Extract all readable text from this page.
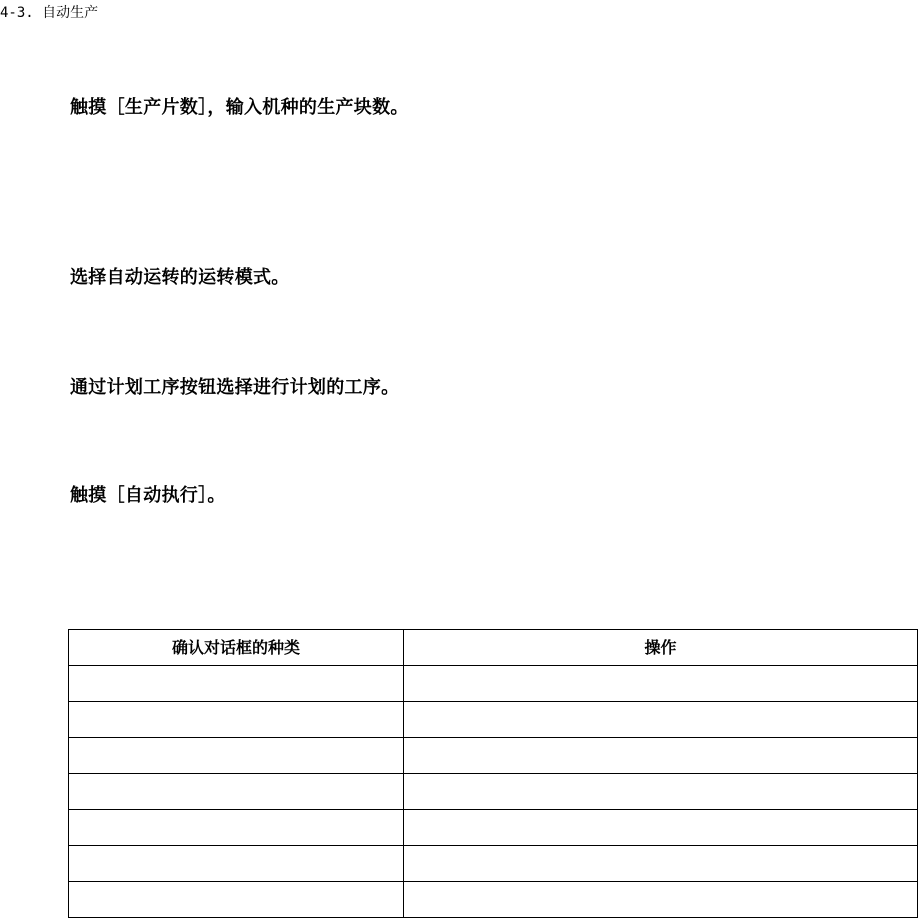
4-3. 自动生产
触摸［生产片数］，输入机种的生产块数。
选择自动运转的运转模式。
通过计划工序按钮选择进行计划的工序。
触摸［自动执行］。
确认对话框的种类	操作
